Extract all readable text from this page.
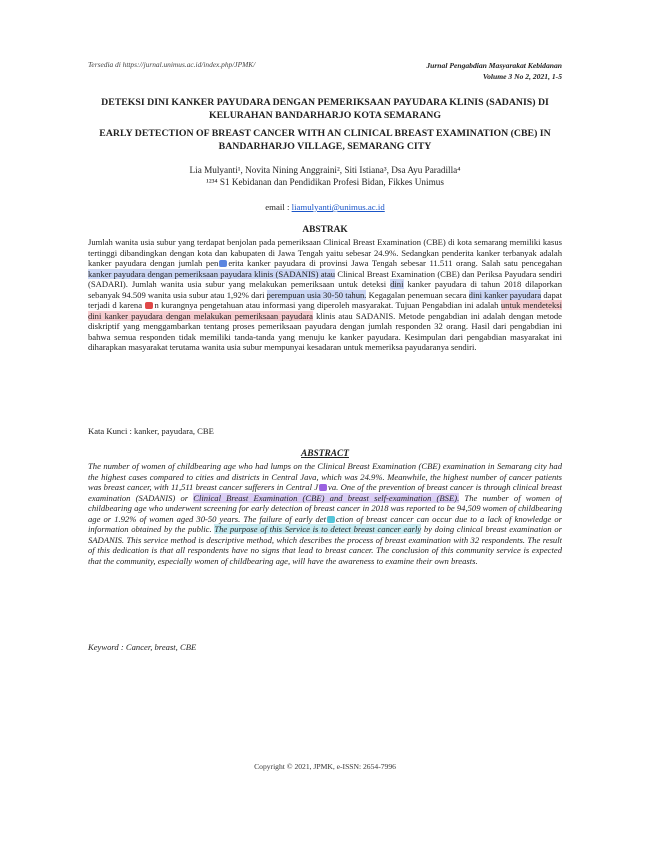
Tersedia di https://jurnal.unimus.ac.id/index.php/JPMK/	Jurnal Pengabdian Masyarakat Kebidanan
Volume 3 No 2, 2021, 1-5
DETEKSI DINI KANKER PAYUDARA DENGAN PEMERIKSAAN PAYUDARA KLINIS (SADANIS) DI KELURAHAN BANDARHARJO KOTA SEMARANG
EARLY DETECTION OF BREAST CANCER WITH AN CLINICAL BREAST EXAMINATION (CBE) IN BANDARHARJO VILLAGE, SEMARANG CITY
Lia Mulyanti¹, Novita Nining Anggraini², Siti Istiana³, Dsa Ayu Paradilla⁴
¹²³⁴ S1 Kebidanan dan Pendidikan Profesi Bidan, Fikkes Unimus
email : liamulyanti@unimus.ac.id
ABSTRAK

Jumlah wanita usia subur yang terdapat benjolan pada pemeriksaan Clinical Breast Examination (CBE) di kota semarang memiliki kasus tertinggi dibandingkan dengan kota dan kabupaten di Jawa Tengah yaitu sebesar 24.9%. Sedangkan penderita kanker terbanyak adalah kanker payudara dengan jumlah pen erita kanker payudara di provinsi Jawa Tengah sebesar 11.511 orang. Salah satu pencegahan kanker payudara dengan pemeriksaan payudara klinis (SADANIS) atau Clinical Breast Examination (CBE) dan Periksa Payudara sendiri (SADARI). Jumlah wanita usia subur yang melakukan pemeriksaan untuk deteksi dini kanker payudara di tahun 2018 dilaporkan sebanyak 94.509 wanita usia subur atau 1,92% dari perempuan usia 30-50 tahun. Kegagalan penemuan secara dini kanker payudara dapat terjadi d karena n kurangnya pengetahuan atau informasi yang diperoleh masyarakat. Tujuan Pengabdian ini adalah untuk mendeteksi dini kanker payudara dengan melakukan pemeriksaan payudara klinis atau SADANIS. Metode pengabdian ini adalah dengan metode diskriptif yang menggambarkan tentang proses pemeriksaan payudara dengan jumlah responden 32 orang. Hasil dari pengabdian ini bahwa semua responden tidak memiliki tanda-tanda yang menuju ke kanker payudara. Kesimpulan dari pengabdian masyarakat ini diharapkan masyarakat terutama wanita usia subur mempunyai kesadaran untuk memeriksa payudaranya sendiri.

Kata Kunci : kanker, payudara, CBE
ABSTRACT

The number of women of childbearing age who had lumps on the Clinical Breast Examination (CBE) examination in Semarang city had the highest cases compared to cities and districts in Central Java, which was 24.9%. Meanwhile, the highest number of cancer patients was breast cancer, with 11,511 breast cancer sufferers in Central J va. One of the prevention of breast cancer is through clinical breast examination (SADANIS) or Clinical Breast Examination (CBE) and breast self-examination (BSE). The number of women of childbearing age who underwent screening for early detection of breast cancer in 2018 was reported to be 94,509 women of childbearing age or 1.92% of women aged 30-50 years. The failure of early det ction of breast cancer can occur due to a lack of knowledge or information obtained by the public. The purpose of this Service is to detect breast cancer early by doing clinical breast examination or SADANIS. This service method is descriptive method, which describes the process of breast examination with 32 respondents. The result of this dedication is that all respondents have no signs that lead to breast cancer. The conclusion of this community service is expected that the community, especially women of childbearing age, will have the awareness to examine their own breasts.

Keyword : Cancer, breast, CBE
Copyright © 2021, JPMK, e-ISSN: 2654-7996
